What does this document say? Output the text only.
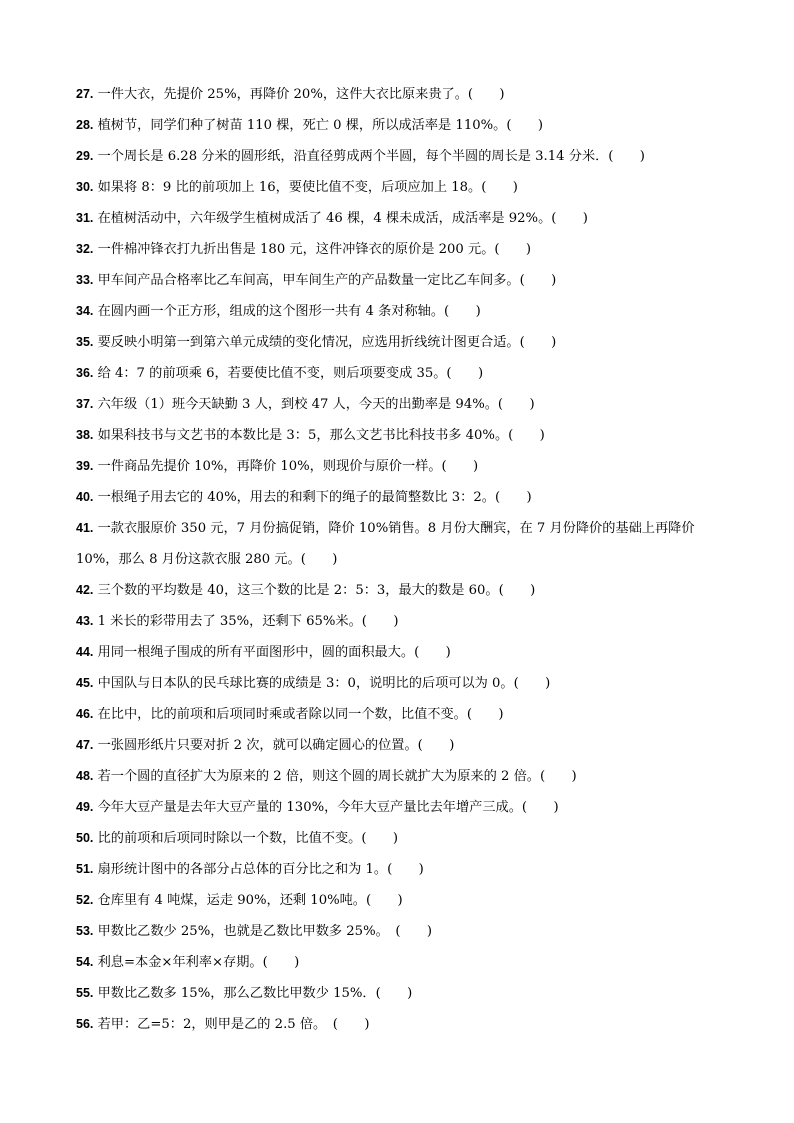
27. 一件大衣，先提价 25%，再降价 20%，这件大衣比原来贵了。(　　)
28. 植树节，同学们种了树苗 110 棵，死亡 0 棵，所以成活率是 110%。(　　)
29. 一个周长是 6.28 分米的圆形纸，沿直径剪成两个半圆，每个半圆的周长是 3.14 分米．(　　)
30. 如果将 8：9 比的前项加上 16，要使比值不变，后项应加上 18。(　　)
31. 在植树活动中，六年级学生植树成活了 46 棵，4 棵未成活，成活率是 92%。(　　)
32. 一件棉冲锋衣打九折出售是 180 元，这件冲锋衣的原价是 200 元。(　　)
33. 甲车间产品合格率比乙车间高，甲车间生产的产品数量一定比乙车间多。(　　)
34. 在圆内画一个正方形，组成的这个图形一共有 4 条对称轴。(　　)
35. 要反映小明第一到第六单元成绩的变化情况，应选用折线统计图更合适。(　　)
36. 给 4：7 的前项乘 6，若要使比值不变，则后项要变成 35。(　　)
37. 六年级（1）班今天缺勤 3 人，到校 47 人，今天的出勤率是 94%。(　　)
38. 如果科技书与文艺书的本数比是 3：5，那么文艺书比科技书多 40%。(　　)
39. 一件商品先提价 10%，再降价 10%，则现价与原价一样。(　　)
40. 一根绳子用去它的 40%，用去的和剩下的绳子的最简整数比 3：2。(　　)
41. 一款衣服原价 350 元，7 月份搞促销，降价 10%销售。8 月份大酬宾，在 7 月份降价的基础上再降价 10%，那么 8 月份这款衣服 280 元。(　　)
42. 三个数的平均数是 40，这三个数的比是 2：5：3，最大的数是 60。(　　)
43. 1 米长的彩带用去了 35%，还剩下 65%米。(　　)
44. 用同一根绳子围成的所有平面图形中，圆的面积最大。(　　)
45. 中国队与日本队的民乓球比赛的成绩是 3：0，说明比的后项可以为 0。(　　)
46. 在比中，比的前项和后项同时乘或者除以同一个数，比值不变。(　　)
47. 一张圆形纸片只要对折 2 次，就可以确定圆心的位置。(　　)
48. 若一个圆的直径扩大为原来的 2 倍，则这个圆的周长就扩大为原来的 2 倍。(　　)
49. 今年大豆产量是去年大豆产量的 130%，今年大豆产量比去年增产三成。(　　)
50. 比的前项和后项同时除以一个数，比值不变。(　　)
51. 扇形统计图中的各部分占总体的百分比之和为 1。(　　)
52. 仓库里有 4 吨煤，运走 90%，还剩 10%吨。(　　)
53. 甲数比乙数少 25%，也就是乙数比甲数多 25%。　(　　)
54. 利息=本金×年利率×存期。(　　)
55. 甲数比乙数多 15%，那么乙数比甲数少 15%．(　　)
56. 若甲：乙=5：2，则甲是乙的 2.5 倍。　(　　)
